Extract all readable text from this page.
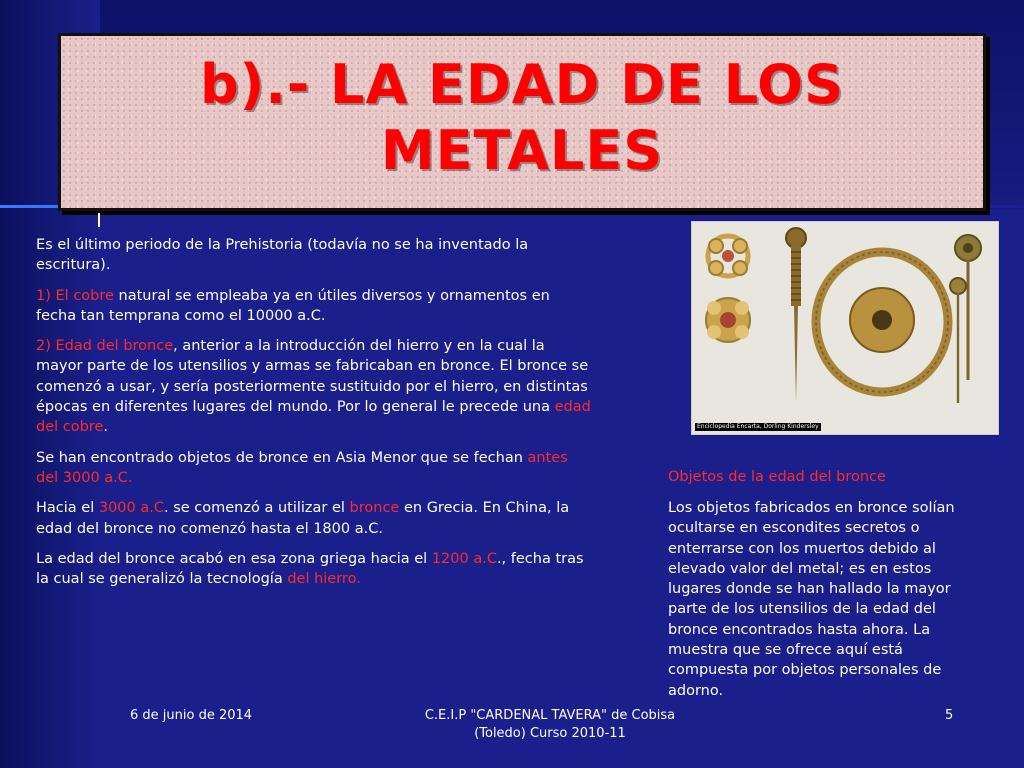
b).- LA EDAD DE LOS
METALES

Es el último periodo de la Prehistoria (todavía no se ha inventado la escritura).

1) El cobre natural se empleaba ya en útiles diversos y ornamentos en fecha tan temprana como el 10000 a.C.

2) Edad del bronce, anterior a la introducción del hierro y en la cual la mayor parte de los utensilios y armas se fabricaban en bronce. El bronce se comenzó a usar, y sería posteriormente sustituido por el hierro, en distintas épocas en diferentes lugares del mundo. Por lo general le precede una edad del cobre.

Se han encontrado objetos de bronce en Asia Menor que se fechan antes del 3000 a.C.

Hacia el 3000 a.C. se comenzó a utilizar el bronce en Grecia. En China, la edad del bronce no comenzó hasta el 1800 a.C.

La edad del bronce acabó en esa zona griega hacia el 1200 a.C., fecha tras la cual se generalizó la tecnología del hierro.

Enciclopedia Encarta, Dorling Kindersley
Objetos de la edad del bronce

Los objetos fabricados en bronce solían ocultarse en escondites secretos o enterrarse con los muertos debido al elevado valor del metal; es en estos lugares donde se han hallado la mayor parte de los utensilios de la edad del bronce encontrados hasta ahora. La muestra que se ofrece aquí está compuesta por objetos personales de adorno.

6 de junio de 2014	C.E.I.P "CARDENAL TAVERA" de Cobisa
(Toledo) Curso 2010-11
5
